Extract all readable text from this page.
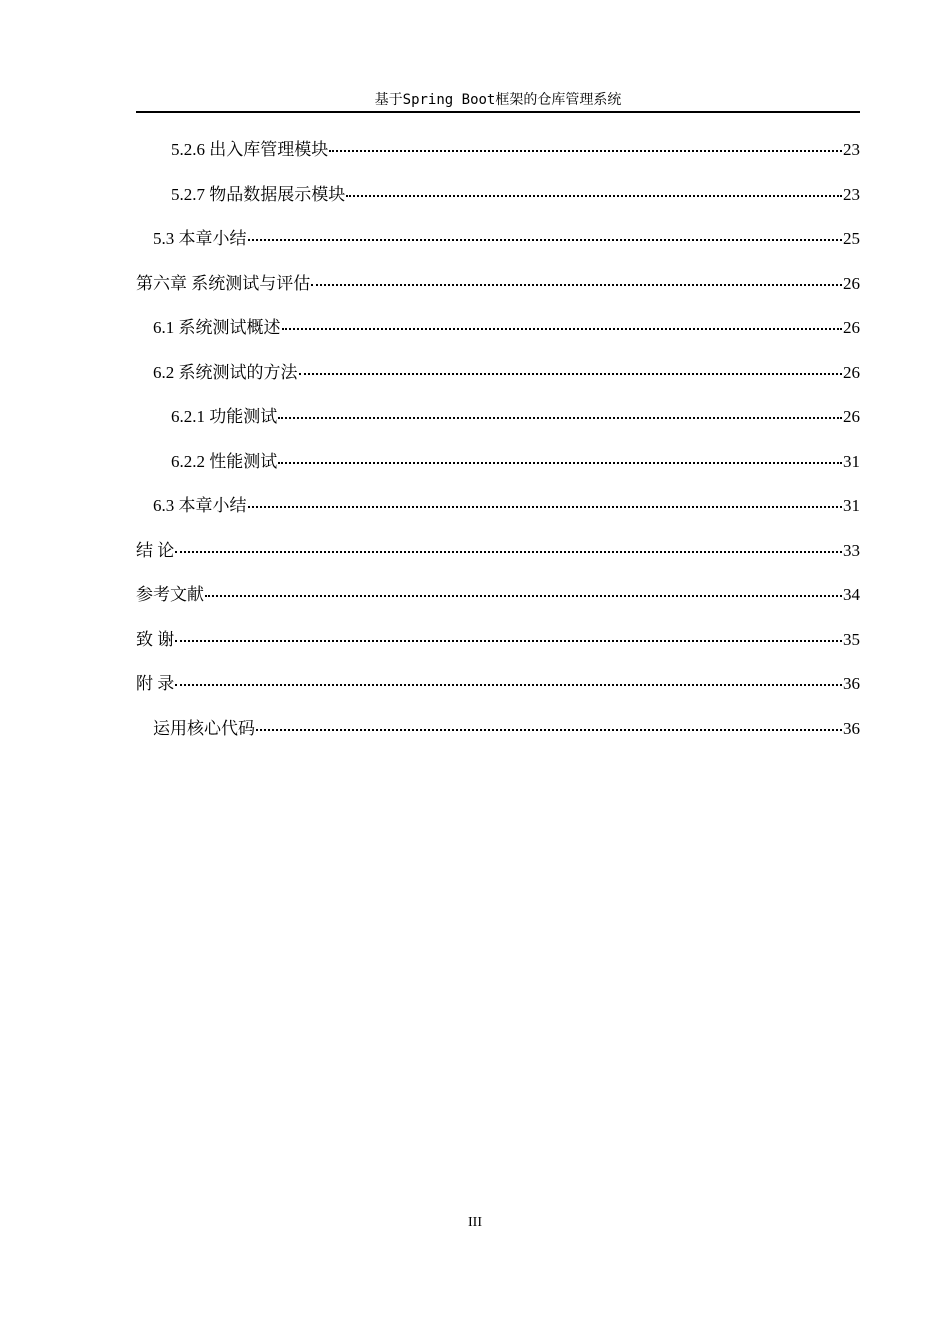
基于Spring Boot框架的仓库管理系统
5.2.6 出入库管理模块	23
5.2.7 物品数据展示模块	23
5.3 本章小结	25
第六章 系统测试与评估	26
6.1 系统测试概述	26
6.2 系统测试的方法	26
6.2.1 功能测试	26
6.2.2 性能测试	31
6.3 本章小结	31
结 论	33
参考文献	34
致 谢	35
附 录	36
运用核心代码	36
III
